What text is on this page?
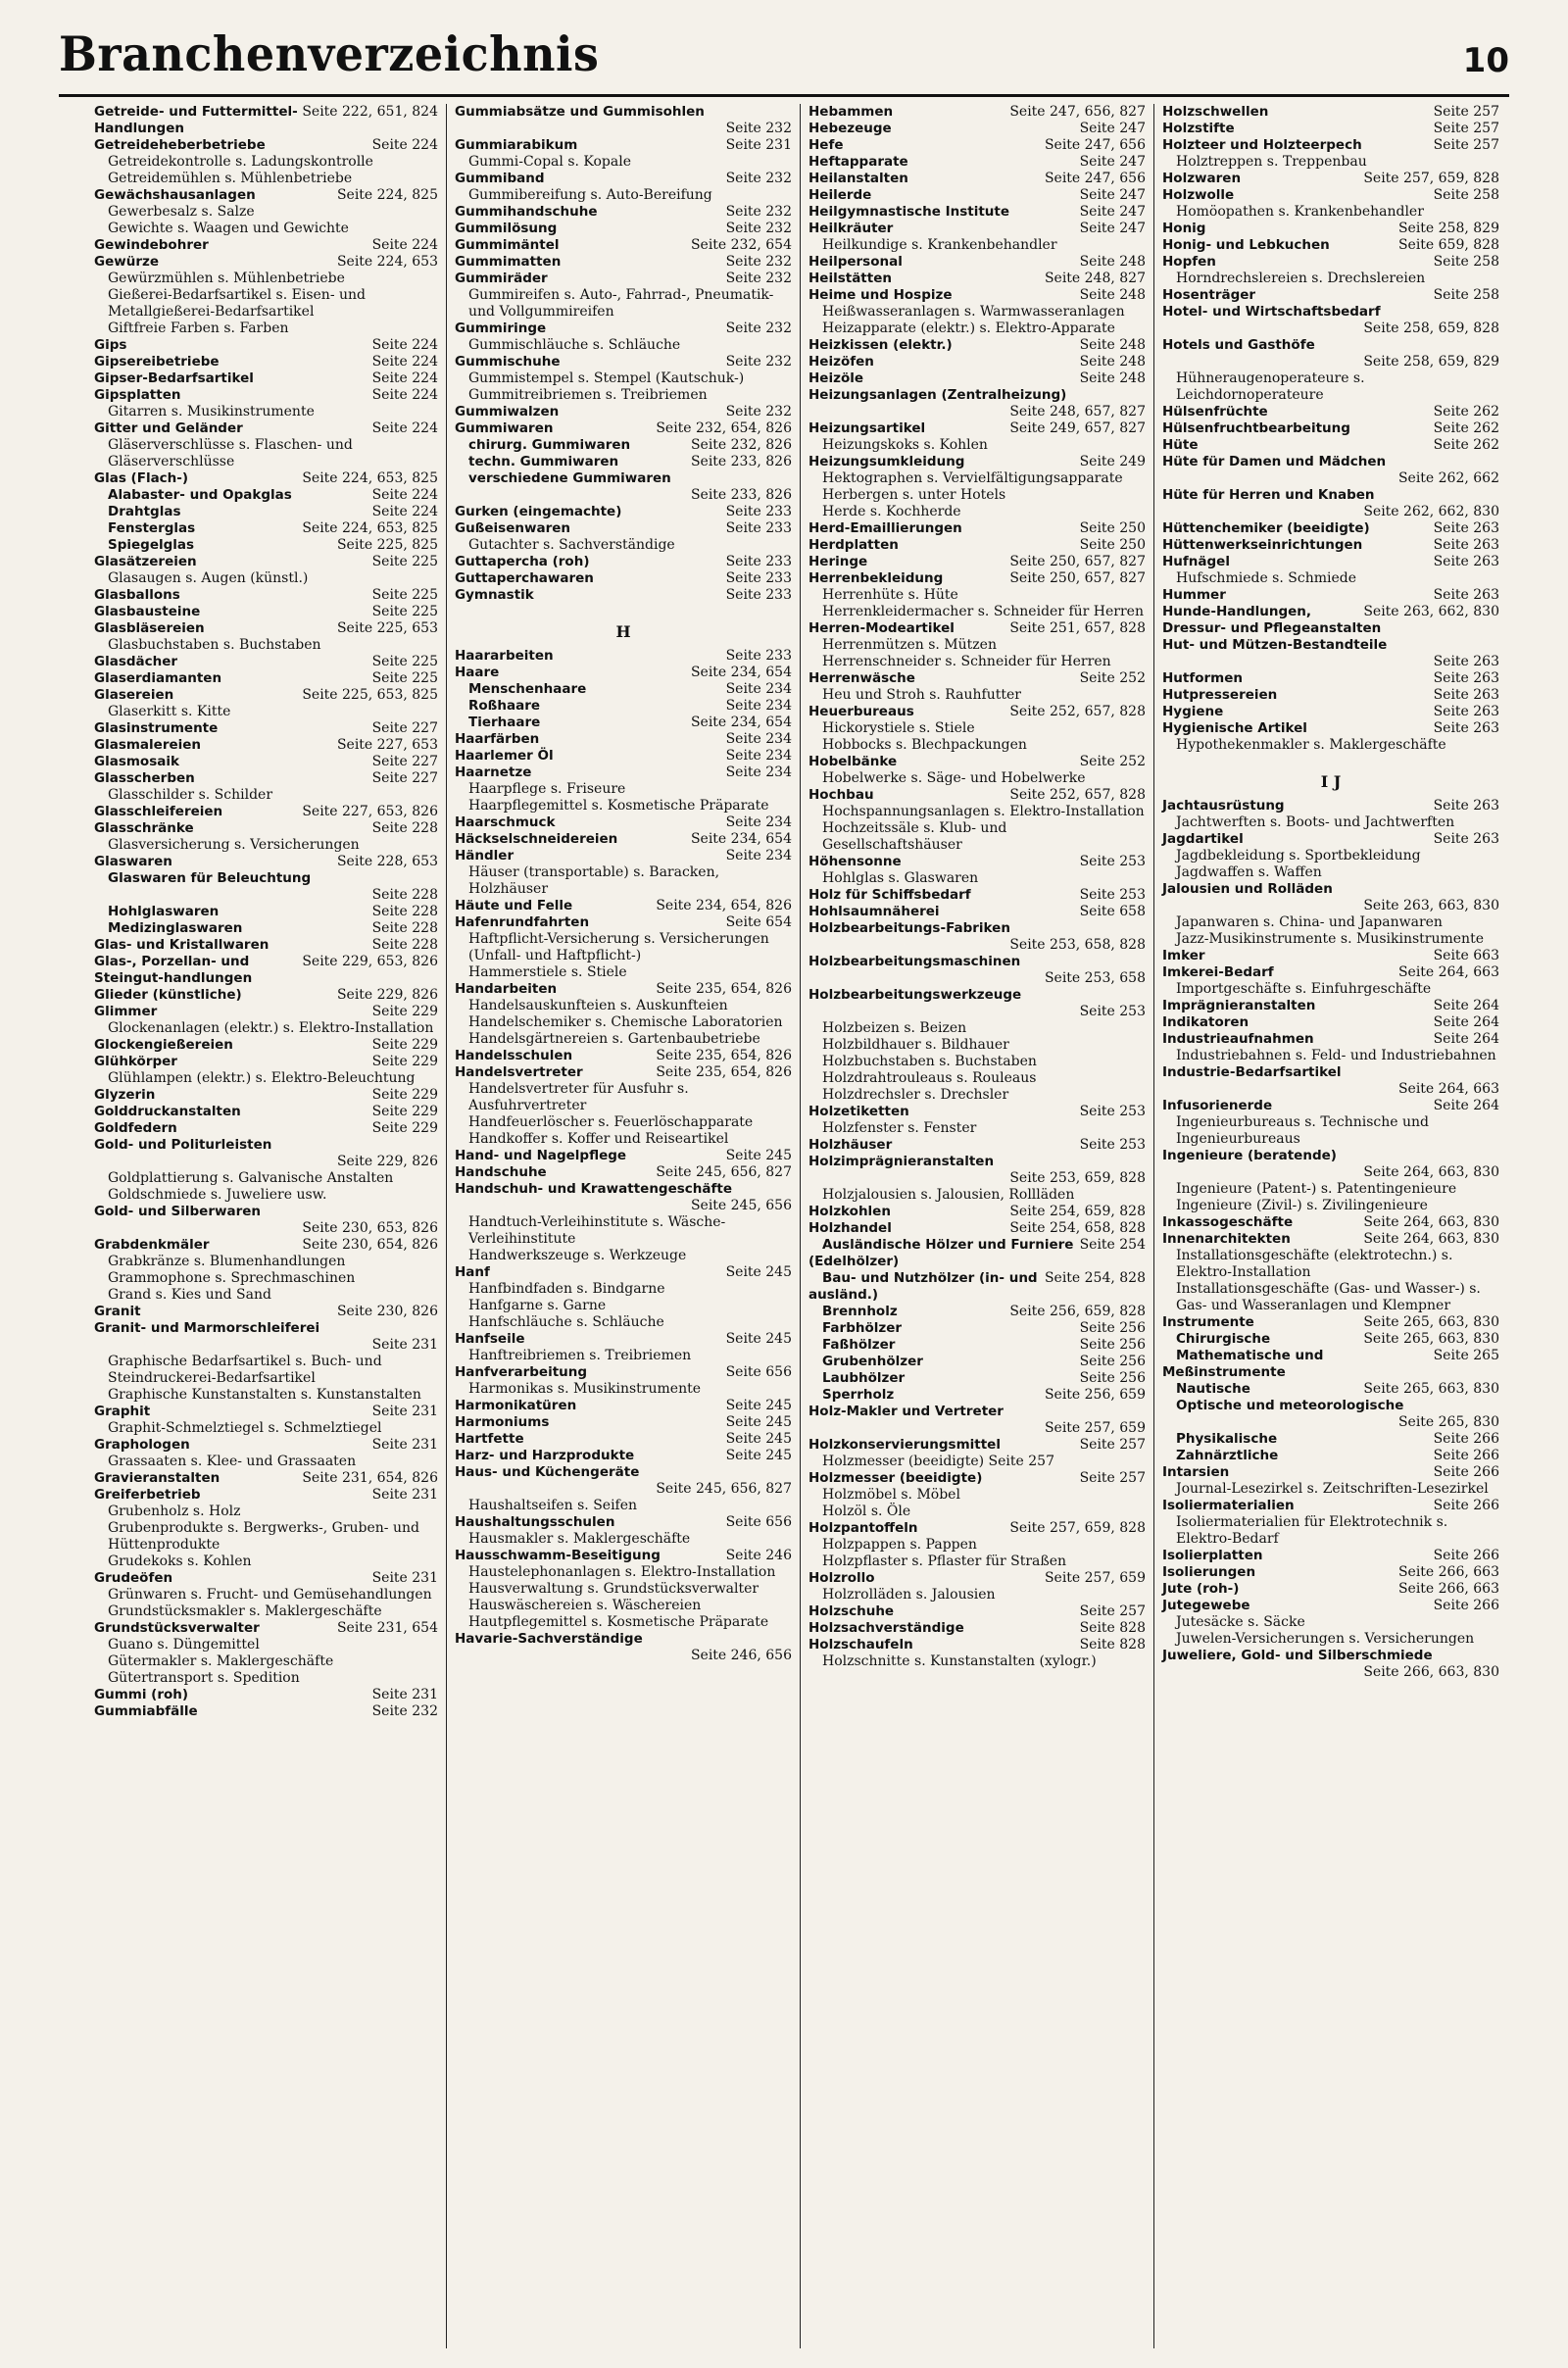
Branchenverzeichnis	10
Seite 222, 651, 824
Getreide- und Futtermittel-Handlungen
Seite 224
Getreideheberbetriebe
Getreidekontrolle s. Ladungskontrolle
Getreidemühlen s. Mühlenbetriebe
Seite 224, 825
Gewächshausanlagen
Gewerbesalz s. Salze
Gewichte s. Waagen und Gewichte
Seite 224
Gewindebohrer
Seite 224, 653
Gewürze
Gewürzmühlen s. Mühlenbetriebe
Gießerei-Bedarfsartikel s. Eisen- und Metallgießerei-Bedarfsartikel
Giftfreie Farben s. Farben
Seite 224
Gips
Seite 224
Gipsereibetriebe
Seite 224
Gipser-Bedarfsartikel
Seite 224
Gipsplatten
Gitarren s. Musikinstrumente
Seite 224
Gitter und Geländer
Gläserverschlüsse s. Flaschen- und Gläserverschlüsse
Seite 224, 653, 825
Glas (Flach-)
Seite 224
Alabaster- und Opakglas
Seite 224
Drahtglas
Seite 224, 653, 825
Fensterglas
Seite 225, 825
Spiegelglas
Seite 225
Glasätzereien
Glasaugen s. Augen (künstl.)
Seite 225
Glasballons
Seite 225
Glasbausteine
Seite 225, 653
Glasbläsereien
Glasbuchstaben s. Buchstaben
Seite 225
Glasdächer
Seite 225
Glaserdiamanten
Seite 225, 653, 825
Glasereien
Glaserkitt s. Kitte
Seite 227
Glasinstrumente
Seite 227, 653
Glasmalereien
Seite 227
Glasmosaik
Seite 227
Glasscherben
Glasschilder s. Schilder
Seite 227, 653, 826
Glasschleifereien
Seite 228
Glasschränke
Glasversicherung s. Versicherungen
Seite 228, 653
Glaswaren
Glaswaren für Beleuchtung
Seite 228
Seite 228
Hohlglaswaren
Seite 228
Medizinglaswaren
Seite 228
Glas- und Kristallwaren
Seite 229, 653, 826
Glas-, Porzellan- und Steingut-handlungen
Seite 229, 826
Glieder (künstliche)
Seite 229
Glimmer
Glockenanlagen (elektr.) s. Elektro-Installation
Seite 229
Glockengießereien
Seite 229
Glühkörper
Glühlampen (elektr.) s. Elektro-Beleuchtung
Seite 229
Glyzerin
Seite 229
Golddruckanstalten
Seite 229
Goldfedern
Gold- und Politurleisten
Seite 229, 826
Goldplattierung s. Galvanische Anstalten
Goldschmiede s. Juweliere usw.
Gold- und Silberwaren
Seite 230, 653, 826
Seite 230, 654, 826
Grabdenkmäler
Grabkränze s. Blumenhandlungen
Grammophone s. Sprechmaschinen
Grand s. Kies und Sand
Seite 230, 826
Granit
Granit- und Marmorschleiferei
Seite 231
Graphische Bedarfsartikel s. Buch- und Steindruckerei-Bedarfsartikel
Graphische Kunstanstalten s. Kunstanstalten
Seite 231
Graphit
Graphit-Schmelztiegel s. Schmelztiegel
Seite 231
Graphologen
Grassaaten s. Klee- und Grassaaten
Seite 231, 654, 826
Gravieranstalten
Seite 231
Greiferbetrieb
Grubenholz s. Holz
Grubenprodukte s. Bergwerks-, Gruben- und Hüttenprodukte
Grudekoks s. Kohlen
Seite 231
Grudeöfen
Grünwaren s. Frucht- und Gemüsehandlungen
Grundstücksmakler s. Maklergeschäfte
Seite 231, 654
Grundstücksverwalter
Guano s. Düngemittel
Gütermakler s. Maklergeschäfte
Gütertransport s. Spedition
Seite 231
Gummi (roh)
Seite 232
Gummiabfälle
Gummiabsätze und Gummisohlen
Seite 232
Seite 231
Gummiarabikum
Gummi-Copal s. Kopale
Seite 232
Gummiband
Gummibereifung s. Auto-Bereifung
Seite 232
Gummihandschuhe
Seite 232
Gummilösung
Seite 232, 654
Gummimäntel
Seite 232
Gummimatten
Seite 232
Gummiräder
Gummireifen s. Auto-, Fahrrad-, Pneumatik- und Vollgummireifen
Seite 232
Gummiringe
Gummischläuche s. Schläuche
Seite 232
Gummischuhe
Gummistempel s. Stempel (Kautschuk-)
Gummitreibriemen s. Treibriemen
Seite 232
Gummiwalzen
Seite 232, 654, 826
Gummiwaren
Seite 232, 826
chirurg. Gummiwaren
Seite 233, 826
techn. Gummiwaren
verschiedene Gummiwaren
Seite 233, 826
Seite 233
Gurken (eingemachte)
Seite 233
Gußeisenwaren
Gutachter s. Sachverständige
Seite 233
Guttapercha (roh)
Seite 233
Guttaperchawaren
Seite 233
Gymnastik
H
Seite 233
Haararbeiten
Seite 234, 654
Haare
Seite 234
Menschenhaare
Seite 234
Roßhaare
Seite 234, 654
Tierhaare
Seite 234
Haarfärben
Seite 234
Haarlemer Öl
Seite 234
Haarnetze
Haarpflege s. Friseure
Haarpflegemittel s. Kosmetische Präparate
Seite 234
Haarschmuck
Seite 234, 654
Häckselschneidereien
Seite 234
Händler
Häuser (transportable) s. Baracken, Holzhäuser
Seite 234, 654, 826
Häute und Felle
Seite 654
Hafenrundfahrten
Haftpflicht-Versicherung s. Versicherungen (Unfall- und Haftpflicht-)
Hammerstiele s. Stiele
Seite 235, 654, 826
Handarbeiten
Handelsauskunfteien s. Auskunfteien
Handelschemiker s. Chemische Laboratorien
Handelsgärtnereien s. Gartenbaubetriebe
Seite 235, 654, 826
Handelsschulen
Seite 235, 654, 826
Handelsvertreter
Handelsvertreter für Ausfuhr s. Ausfuhrvertreter
Handfeuerlöscher s. Feuerlöschapparate
Handkoffer s. Koffer und Reiseartikel
Seite 245
Hand- und Nagelpflege
Seite 245, 656, 827
Handschuhe
Handschuh- und Krawattengeschäfte
Seite 245, 656
Handtuch-Verleihinstitute s. Wäsche-Verleihinstitute
Handwerkszeuge s. Werkzeuge
Seite 245
Hanf
Hanfbindfaden s. Bindgarne
Hanfgarne s. Garne
Hanfschläuche s. Schläuche
Seite 245
Hanfseile
Hanftreibriemen s. Treibriemen
Seite 656
Hanfverarbeitung
Harmonikas s. Musikinstrumente
Seite 245
Harmonikatüren
Seite 245
Harmoniums
Seite 245
Hartfette
Seite 245
Harz- und Harzprodukte
Haus- und Küchengeräte
Seite 245, 656, 827
Haushaltseifen s. Seifen
Seite 656
Haushaltungsschulen
Hausmakler s. Maklergeschäfte
Seite 246
Hausschwamm-Beseitigung
Haustelephonanlagen s. Elektro-Installation
Hausverwaltung s. Grundstücksverwalter
Hauswäschereien s. Wäschereien
Hautpflegemittel s. Kosmetische Präparate
Havarie-Sachverständige
Seite 246, 656
Seite 247, 656, 827
Hebammen
Seite 247
Hebezeuge
Seite 247, 656
Hefe
Seite 247
Heftapparate
Seite 247, 656
Heilanstalten
Seite 247
Heilerde
Seite 247
Heilgymnastische Institute
Seite 247
Heilkräuter
Heilkundige s. Krankenbehandler
Seite 248
Heilpersonal
Seite 248, 827
Heilstätten
Seite 248
Heime und Hospize
Heißwasseranlagen s. Warmwasseranlagen
Heizapparate (elektr.) s. Elektro-Apparate
Seite 248
Heizkissen (elektr.)
Seite 248
Heizöfen
Seite 248
Heizöle
Heizungsanlagen (Zentralheizung)
Seite 248, 657, 827
Seite 249, 657, 827
Heizungsartikel
Heizungskoks s. Kohlen
Seite 249
Heizungsumkleidung
Hektographen s. Vervielfältigungsapparate
Herbergen s. unter Hotels
Herde s. Kochherde
Seite 250
Herd-Emaillierungen
Seite 250
Herdplatten
Seite 250, 657, 827
Heringe
Seite 250, 657, 827
Herrenbekleidung
Herrenhüte s. Hüte
Herrenkleidermacher s. Schneider für Herren
Seite 251, 657, 828
Herren-Modeartikel
Herrenmützen s. Mützen
Herrenschneider s. Schneider für Herren
Seite 252
Herrenwäsche
Heu und Stroh s. Rauhfutter
Seite 252, 657, 828
Heuerbureaus
Hickorystiele s. Stiele
Hobbocks s. Blechpackungen
Seite 252
Hobelbänke
Hobelwerke s. Säge- und Hobelwerke
Seite 252, 657, 828
Hochbau
Hochspannungsanlagen s. Elektro-Installation
Hochzeitssäle s. Klub- und Gesellschaftshäuser
Seite 253
Höhensonne
Hohlglas s. Glaswaren
Seite 253
Holz für Schiffsbedarf
Seite 658
Hohlsaumnäherei
Holzbearbeitungs-Fabriken
Seite 253, 658, 828
Holzbearbeitungsmaschinen
Seite 253, 658
Holzbearbeitungswerkzeuge
Seite 253
Holzbeizen s. Beizen
Holzbildhauer s. Bildhauer
Holzbuchstaben s. Buchstaben
Holzdrahtrouleaus s. Rouleaus
Holzdrechsler s. Drechsler
Seite 253
Holzetiketten
Holzfenster s. Fenster
Seite 253
Holzhäuser
Holzimprägnieranstalten
Seite 253, 659, 828
Holzjalousien s. Jalousien, Rollläden
Seite 254, 659, 828
Holzkohlen
Seite 254, 658, 828
Holzhandel
Seite 254
Ausländische Hölzer und Furniere (Edelhölzer)
Seite 254, 828
Bau- und Nutzhölzer (in- und ausländ.)
Seite 256, 659, 828
Brennholz
Seite 256
Farbhölzer
Seite 256
Faßhölzer
Seite 256
Grubenhölzer
Seite 256
Laubhölzer
Seite 256, 659
Sperrholz
Holz-Makler und Vertreter
Seite 257, 659
Seite 257
Holzkonservierungsmittel
Holzmesser (beeidigte) Seite 257
Seite 257
Holzmesser (beeidigte)
Holzmöbel s. Möbel
Holzöl s. Öle
Seite 257, 659, 828
Holzpantoffeln
Holzpappen s. Pappen
Holzpflaster s. Pflaster für Straßen
Seite 257, 659
Holzrollo
Holzrolläden s. Jalousien
Seite 257
Holzschuhe
Seite 828
Holzsachverständige
Seite 828
Holzschaufeln
Holzschnitte s. Kunstanstalten (xylogr.)
Seite 257
Holzschwellen
Seite 257
Holzstifte
Seite 257
Holzteer und Holzteerpech
Holztreppen s. Treppenbau
Seite 257, 659, 828
Holzwaren
Seite 258
Holzwolle
Homöopathen s. Krankenbehandler
Seite 258, 829
Honig
Seite 659, 828
Honig- und Lebkuchen
Seite 258
Hopfen
Horndrechslereien s. Drechslereien
Seite 258
Hosenträger
Hotel- und Wirtschaftsbedarf
Seite 258, 659, 828
Hotels und Gasthöfe
Seite 258, 659, 829
Hühneraugenoperateure s. Leichdornoperateure
Seite 262
Hülsenfrüchte
Seite 262
Hülsenfruchtbearbeitung
Seite 262
Hüte
Hüte für Damen und Mädchen
Seite 262, 662
Hüte für Herren und Knaben
Seite 262, 662, 830
Seite 263
Hüttenchemiker (beeidigte)
Seite 263
Hüttenwerkseinrichtungen
Seite 263
Hufnägel
Hufschmiede s. Schmiede
Seite 263
Hummer
Seite 263, 662, 830
Hunde-Handlungen, Dressur- und Pflegeanstalten
Hut- und Mützen-Bestandteile
Seite 263
Seite 263
Hutformen
Seite 263
Hutpressereien
Seite 263
Hygiene
Seite 263
Hygienische Artikel
Hypothekenmakler s. Maklergeschäfte
I J
Seite 263
Jachtausrüstung
Jachtwerften s. Boots- und Jachtwerften
Seite 263
Jagdartikel
Jagdbekleidung s. Sportbekleidung
Jagdwaffen s. Waffen
Jalousien und Rolläden
Seite 263, 663, 830
Japanwaren s. China- und Japanwaren
Jazz-Musikinstrumente s. Musikinstrumente
Seite 663
Imker
Seite 264, 663
Imkerei-Bedarf
Importgeschäfte s. Einfuhrgeschäfte
Seite 264
Imprägnieranstalten
Seite 264
Indikatoren
Seite 264
Industrieaufnahmen
Industriebahnen s. Feld- und Industriebahnen
Industrie-Bedarfsartikel
Seite 264, 663
Seite 264
Infusorienerde
Ingenieurbureaus s. Technische und Ingenieurbureaus
Ingenieure (beratende)
Seite 264, 663, 830
Ingenieure (Patent-) s. Patentingenieure
Ingenieure (Zivil-) s. Zivilingenieure
Seite 264, 663, 830
Inkassogeschäfte
Seite 264, 663, 830
Innenarchitekten
Installationsgeschäfte (elektrotechn.) s. Elektro-Installation
Installationsgeschäfte (Gas- und Wasser-) s. Gas- und Wasseranlagen und Klempner
Seite 265, 663, 830
Instrumente
Seite 265, 663, 830
Chirurgische
Seite 265
Mathematische und Meßinstrumente
Seite 265, 663, 830
Nautische
Optische und meteorologische
Seite 265, 830
Seite 266
Physikalische
Seite 266
Zahnärztliche
Seite 266
Intarsien
Journal-Lesezirkel s. Zeitschriften-Lesezirkel
Seite 266
Isoliermaterialien
Isoliermaterialien für Elektrotechnik s. Elektro-Bedarf
Seite 266
Isolierplatten
Seite 266, 663
Isolierungen
Seite 266, 663
Jute (roh-)
Seite 266
Jutegewebe
Jutesäcke s. Säcke
Juwelen-Versicherungen s. Versicherungen
Juweliere, Gold- und Silberschmiede
Seite 266, 663, 830
